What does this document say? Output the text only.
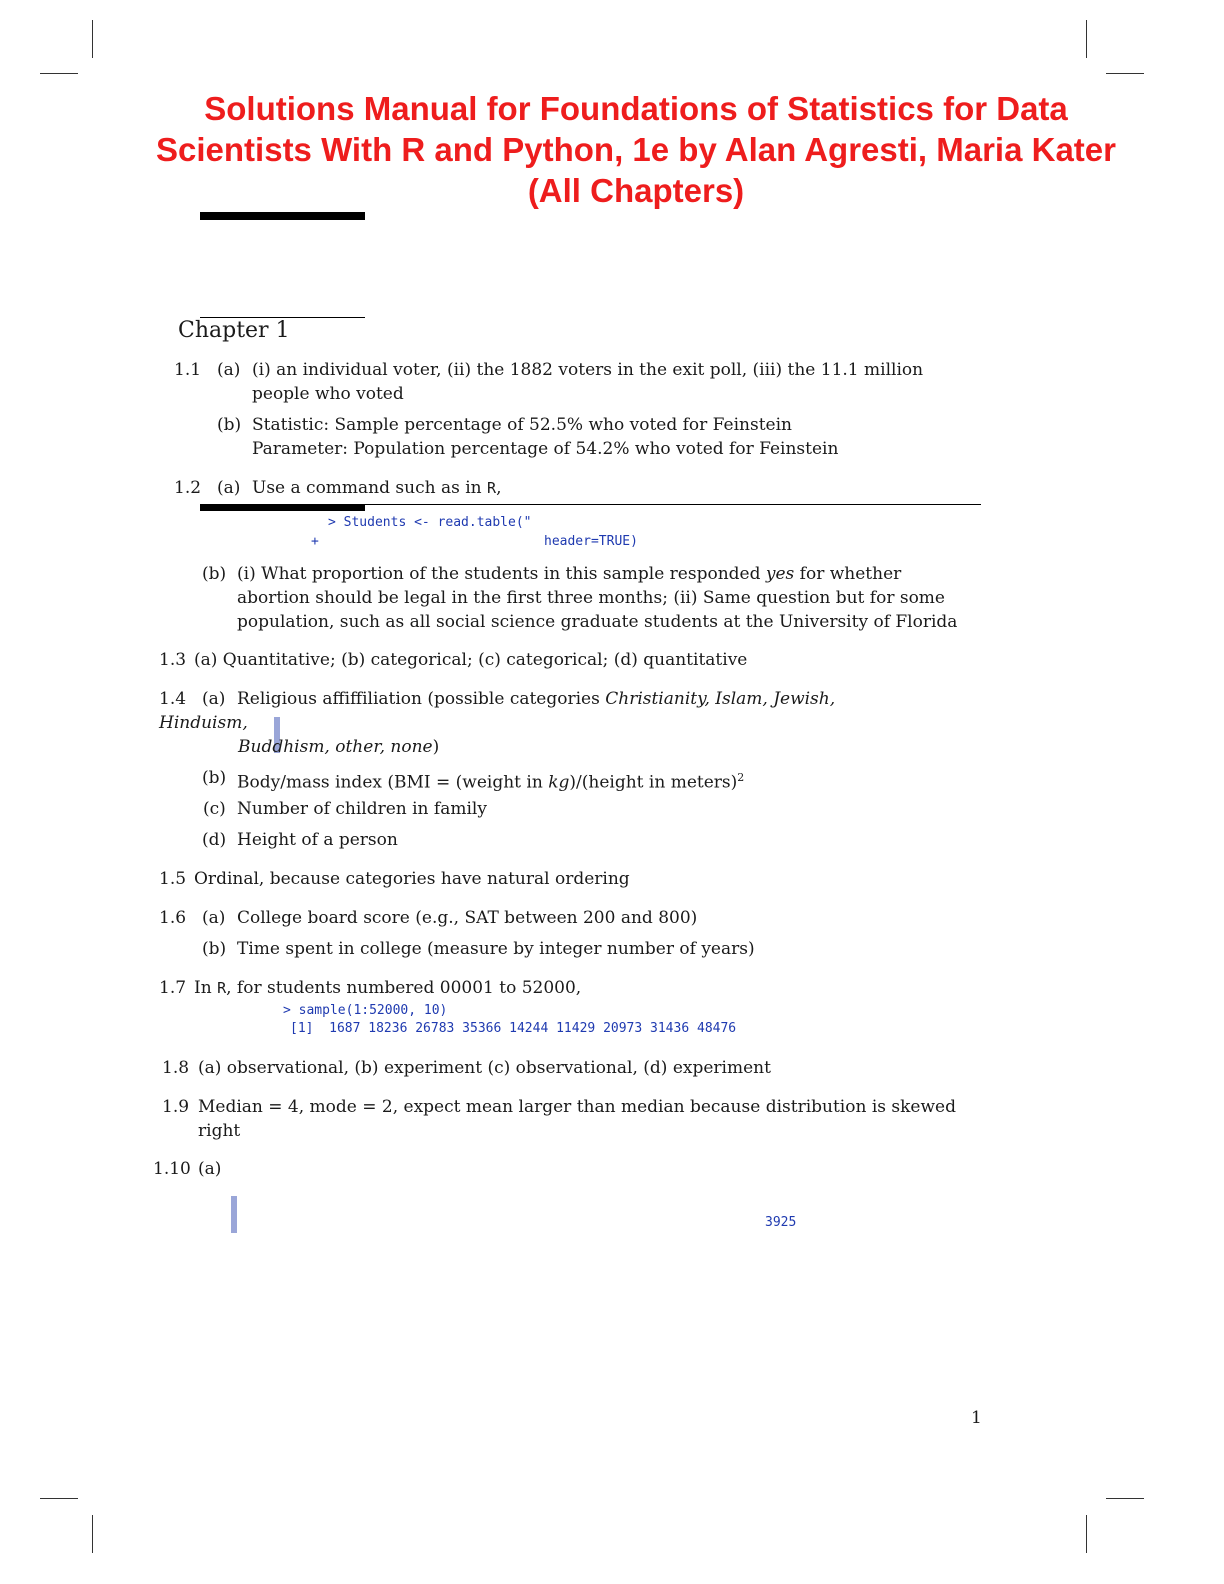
Solutions Manual for Foundations of Statistics for Data
Scientists With R and Python, 1e by Alan Agresti, Maria Kater
(All Chapters)
Chapter 1
1.1 (a) (i) an individual voter, (ii) the 1882 voters in the exit poll, (iii) the 11.1 million
people who voted
(b) Statistic: Sample percentage of 52.5% who voted for Feinstein
Parameter: Population percentage of 54.2% who voted for Feinstein
1.2 (a) Use a command such as in R,
> Students <- read.table("
+	header=TRUE)
(b) (i) What proportion of the students in this sample responded yes for whether
abortion should be legal in the first three months; (ii) Same question but for some
population, such as all social science graduate students at the University of Florida
1.3 (a) Quantitative; (b) categorical; (c) categorical; (d) quantitative
1.4 (a) Religious affiffiliation (possible categories Christianity, Islam, Jewish,
Hinduism,
Buddhism, other, none)
(b) Body/mass index (BMI = (weight in kg)/(height in meters)$^2$
(c) Number of children in family
(d) Height of a person
1.5 Ordinal, because categories have natural ordering
1.6 (a) College board score (e.g., SAT between 200 and 800)
(b) Time spent in college (measure by integer number of years)
1.7 In R, for students numbered 00001 to 52000,
> sample(1:52000, 10)
[1]  1687 18236 26783 35366 14244 11429 20973 31436 48476
1.8 (a) observational, (b) experiment (c) observational, (d) experiment
1.9 Median = 4, mode = 2, expect mean larger than median because distribution is skewed
right
1.10 (a)
3925
1
